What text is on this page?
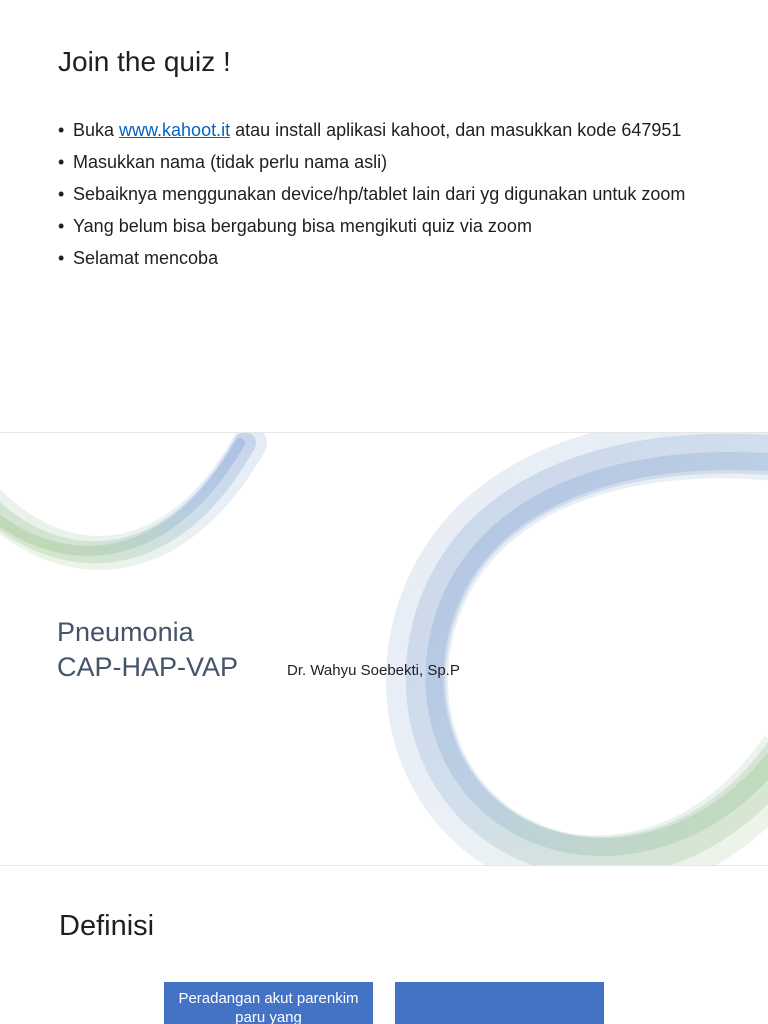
Join the quiz !
• Buka www.kahoot.it atau install aplikasi kahoot, dan masukkan kode 647951
• Masukkan nama (tidak perlu nama asli)
• Sebaiknya menggunakan device/hp/tablet lain dari yg digunakan untuk zoom
• Yang belum bisa bergabung bisa mengikuti quiz via zoom
• Selamat mencoba
Pneumonia
CAP-HAP-VAP	Dr. Wahyu Soebekti, Sp.P
Definisi
Peradangan akut parenkim paru yang
